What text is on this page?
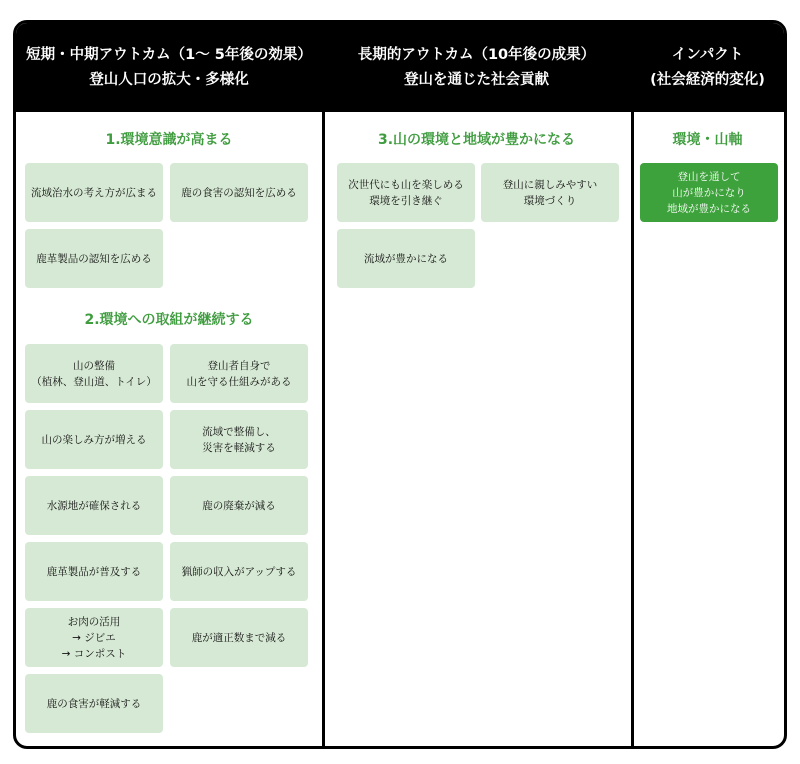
短期・中期アウトカム（1〜 5年後の効果）
登山人口の拡大・多様化
1.環境意識が高まる
流域治水の考え方が広まる	鹿の食害の認知を広める
鹿革製品の認知を広める
2.環境への取組が継続する
山の整備
（植林、登山道、トイレ）
登山者自身で
山を守る仕組みがある
山の楽しみ方が増える
流域で整備し、
災害を軽減する
水源地が確保される	鹿の廃棄が減る
鹿革製品が普及する	猟師の収入がアップする
お肉の活用
→ ジビエ
→ コンポスト
鹿が適正数まで減る
鹿の食害が軽減する
長期的アウトカム（10年後の成果）
登山を通じた社会貢献
3.山の環境と地域が豊かになる
次世代にも山を楽しめる
環境を引き継ぐ
登山に親しみやすい
環境づくり
流域が豊かになる
インパクト
(社会経済的変化)
環境・山軸
登山を通して
山が豊かになり
地域が豊かになる
